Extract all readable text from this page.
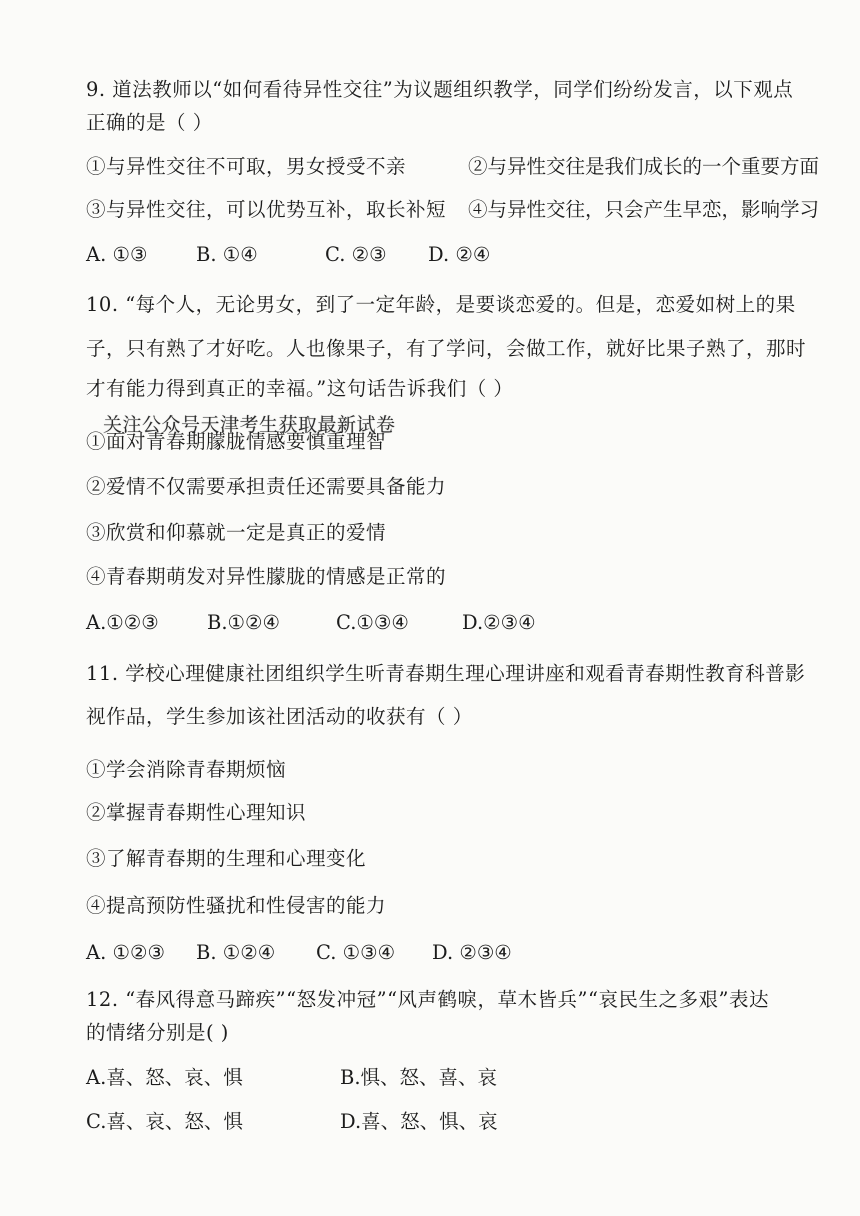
9. 道法教师以“如何看待异性交往”为议题组织教学，同学们纷纷发言，以下观点
正确的是（ ）
①与异性交往不可取，男女授受不亲	②与异性交往是我们成长的一个重要方面
③与异性交往，可以优势互补，取长补短 ④与异性交往，只会产生早恋，影响学习
A. ①③ B. ①④	C. ②③ D. ②④
10. “每个人，无论男女，到了一定年龄，是要谈恋爱的。但是，恋爱如树上的果
子，只有熟了才好吃。人也像果子，有了学问，会做工作，就好比果子熟了，那时
才有能力得到真正的幸福。”这句话告诉我们（ ）
关注公众号天津考生获取最新试卷
①面对青春期朦胧情感要慎重理智
②爱情不仅需要承担责任还需要具备能力
③欣赏和仰慕就一定是真正的爱情
④青春期萌发对异性朦胧的情感是正常的
A.①②③ B.①②④	C.①③④	D.②③④
11. 学校心理健康社团组织学生听青春期生理心理讲座和观看青春期性教育科普影
视作品，学生参加该社团活动的收获有（ ）
①学会消除青春期烦恼
②掌握青春期性心理知识
③了解青春期的生理和心理变化
④提高预防性骚扰和性侵害的能力
A. ①②③ B. ①②④ C. ①③④ D. ②③④
12. “春风得意马蹄疾”“怒发冲冠”“风声鹤唳，草木皆兵”“哀民生之多艰”表达
的情绪分别是( )
A.喜、怒、哀、惧	B.惧、怒、喜、哀
C.喜、哀、怒、惧	D.喜、怒、惧、哀
